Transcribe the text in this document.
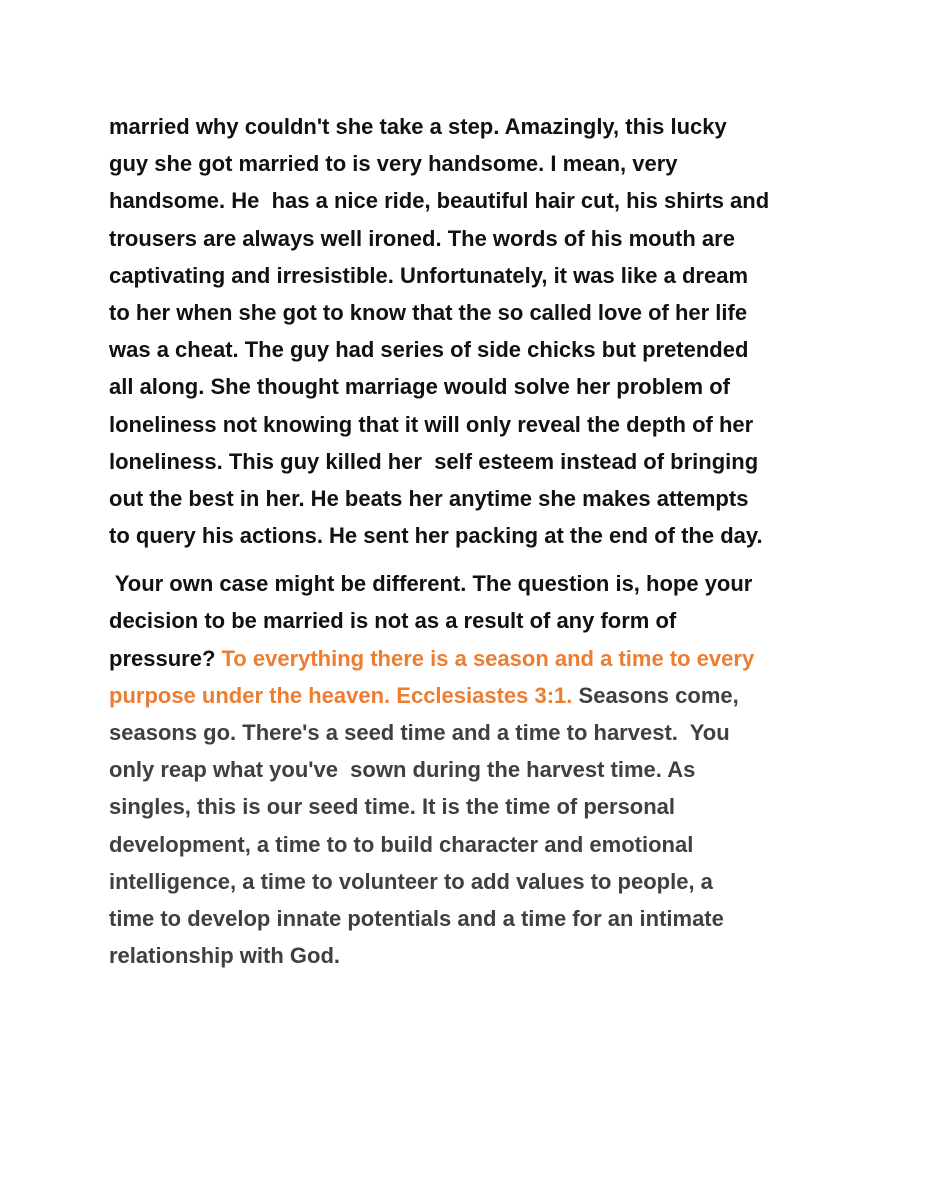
married why couldn't she take a step. Amazingly, this lucky
guy she got married to is very handsome. I mean, very
handsome. He  has a nice ride, beautiful hair cut, his shirts and
trousers are always well ironed. The words of his mouth are
captivating and irresistible. Unfortunately, it was like a dream
to her when she got to know that the so called love of her life
was a cheat. The guy had series of side chicks but pretended
all along. She thought marriage would solve her problem of
loneliness not knowing that it will only reveal the depth of her
loneliness. This guy killed her  self esteem instead of bringing
out the best in her. He beats her anytime she makes attempts
to query his actions. He sent her packing at the end of the day.
Your own case might be different. The question is, hope your
decision to be married is not as a result of any form of
pressure? To everything there is a season and a time to every
purpose under the heaven. Ecclesiastes 3:1. Seasons come,
seasons go. There's a seed time and a time to harvest.  You
only reap what you've  sown during the harvest time. As
singles, this is our seed time. It is the time of personal
development, a time to to build character and emotional
intelligence, a time to volunteer to add values to people, a
time to develop innate potentials and a time for an intimate
relationship with God.
